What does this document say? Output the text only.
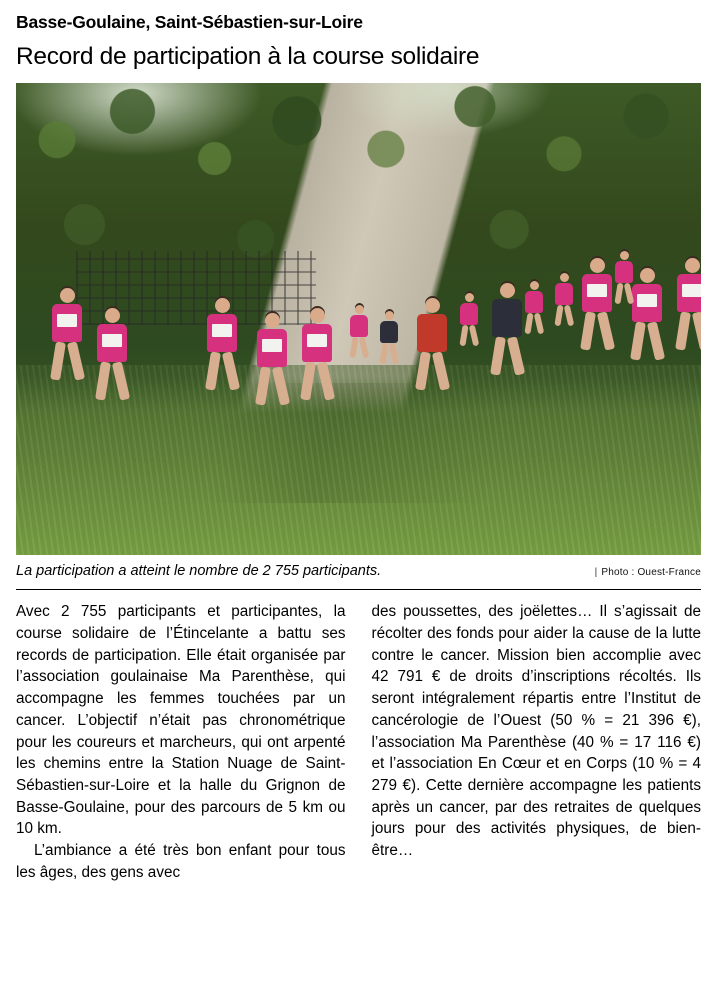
Basse-Goulaine, Saint-Sébastien-sur-Loire
Record de participation à la course solidaire
La participation a atteint le nombre de 2 755 participants.	| Photo : Ouest-France

Avec 2 755 participants et participantes, la course solidaire de l’Étincelante a battu ses records de participation. Elle était organisée par l’association goulainaise Ma Parenthèse, qui accompagne les femmes touchées par un cancer. L’objectif n’était pas chronométrique pour les coureurs et marcheurs, qui ont arpenté les chemins entre la Station Nuage de Saint-Sébastien-sur-Loire et la halle du Grignon de Basse-Goulaine, pour des parcours de 5 km ou 10 km.

L’ambiance a été très bon enfant pour tous les âges, des gens avec

des poussettes, des joëlettes… Il s’agissait de récolter des fonds pour aider la cause de la lutte contre le cancer. Mission bien accomplie avec 42 791 € de droits d’inscriptions récoltés. Ils seront intégralement répartis entre l’Institut de cancérologie de l’Ouest (50 % = 21 396 €), l’association Ma Parenthèse (40 % = 17 116 €) et l’association En Cœur et en Corps (10 % = 4 279 €). Cette dernière accompagne les patients après un cancer, par des retraites de quelques jours pour des activités physiques, de bien-être…
